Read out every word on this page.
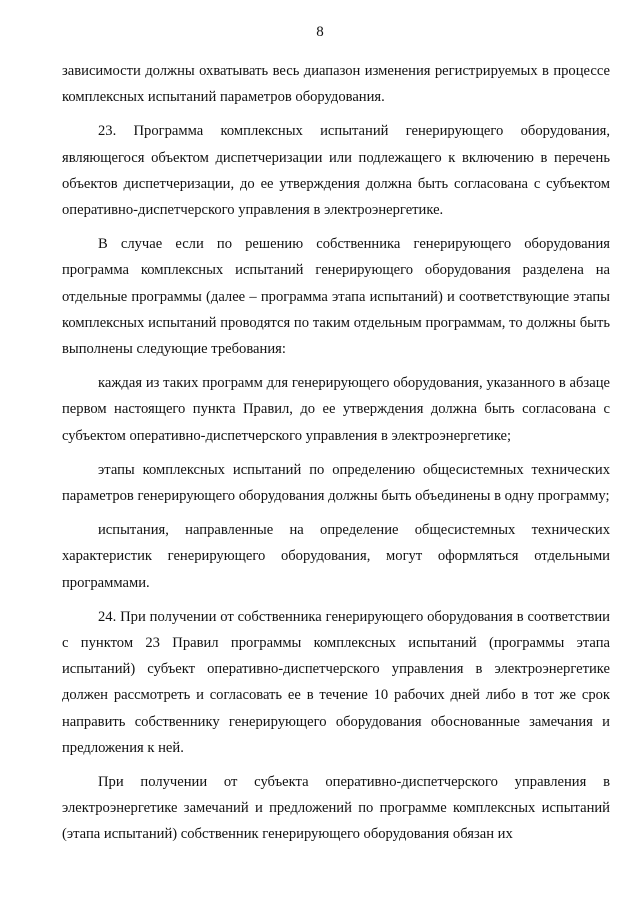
8

зависимости должны охватывать весь диапазон изменения регистрируемых в процессе комплексных испытаний параметров оборудования.

23. Программа комплексных испытаний генерирующего оборудования, являющегося объектом диспетчеризации или подлежащего к включению в перечень объектов диспетчеризации, до ее утверждения должна быть согласована с субъектом оперативно-диспетчерского управления в электроэнергетике.

В случае если по решению собственника генерирующего оборудования программа комплексных испытаний генерирующего оборудования разделена на отдельные программы (далее – программа этапа испытаний) и соответствующие этапы комплексных испытаний проводятся по таким отдельным программам, то должны быть выполнены следующие требования:

каждая из таких программ для генерирующего оборудования, указанного в абзаце первом настоящего пункта Правил, до ее утверждения должна быть согласована с субъектом оперативно-диспетчерского управления в электроэнергетике;

этапы комплексных испытаний по определению общесистемных технических параметров генерирующего оборудования должны быть объединены в одну программу;

испытания, направленные на определение общесистемных технических характеристик генерирующего оборудования, могут оформляться отдельными программами.

24. При получении от собственника генерирующего оборудования в соответствии с пунктом 23 Правил программы комплексных испытаний (программы этапа испытаний) субъект оперативно-диспетчерского управления в электроэнергетике должен рассмотреть и согласовать ее в течение 10 рабочих дней либо в тот же срок направить собственнику генерирующего оборудования обоснованные замечания и предложения к ней.

При получении от субъекта оперативно-диспетчерского управления в электроэнергетике замечаний и предложений по программе комплексных испытаний (этапа испытаний) собственник генерирующего оборудования обязан их
